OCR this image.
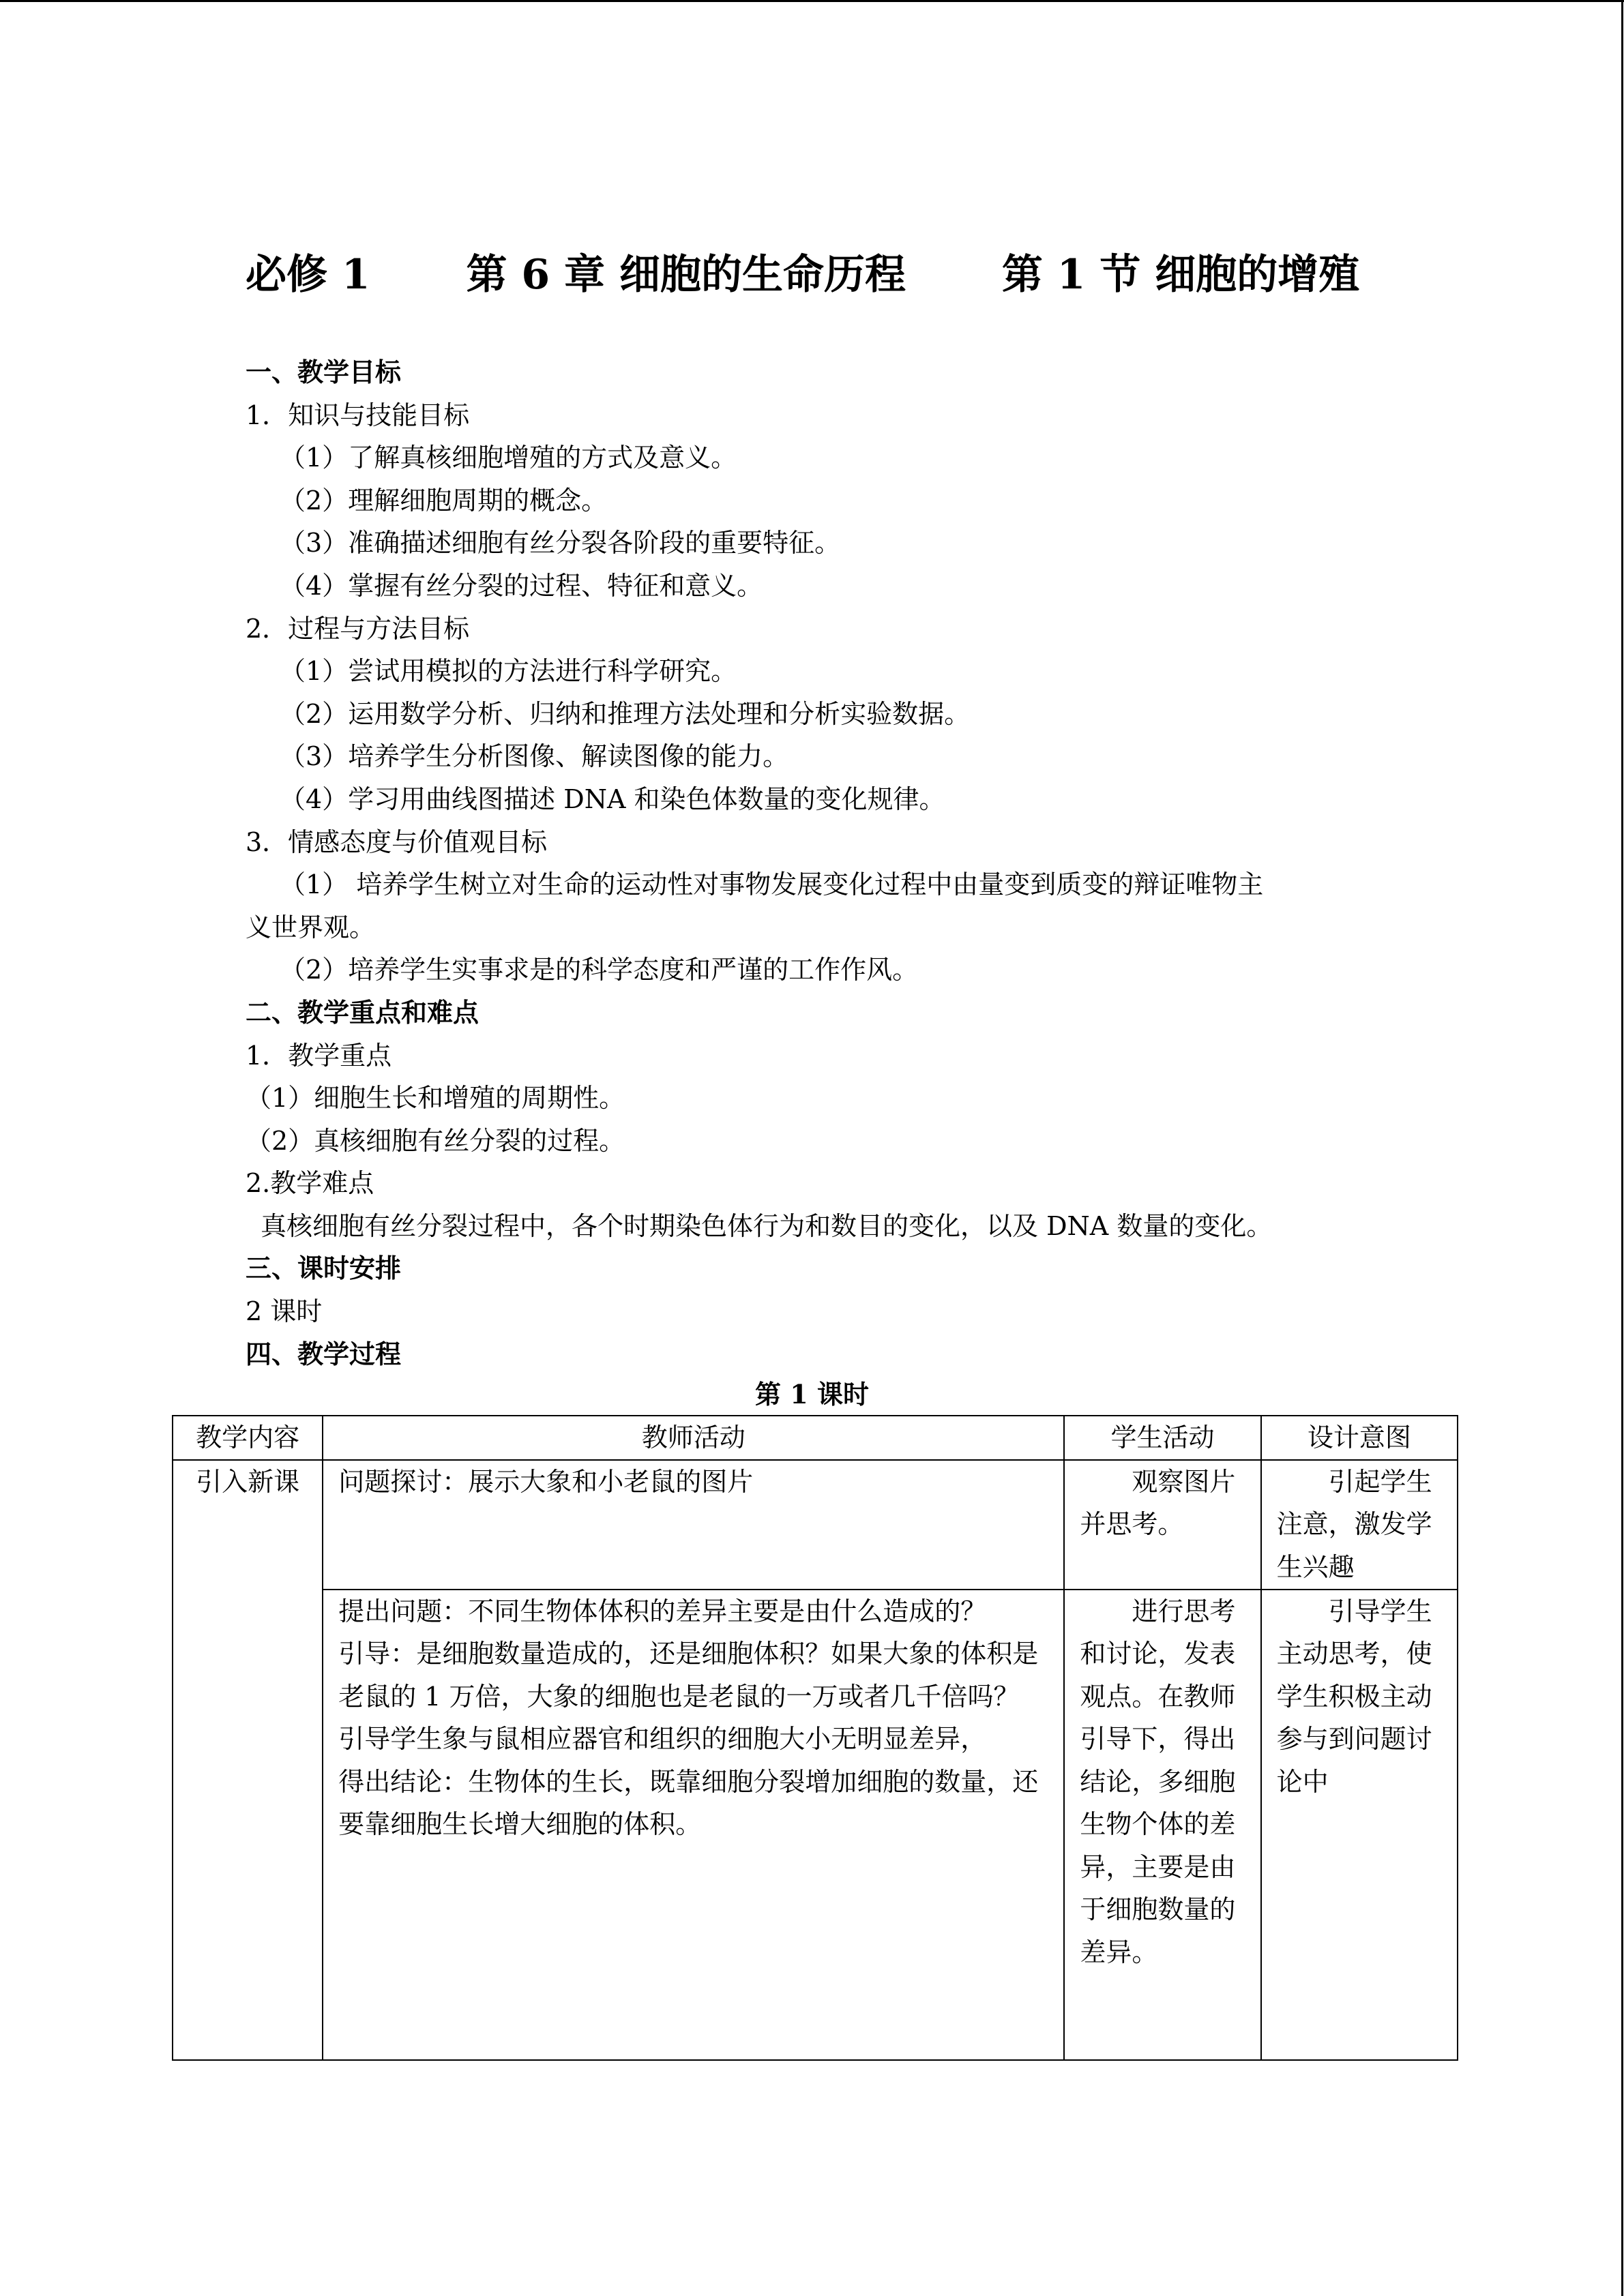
必修 1 第 6 章 细胞的生命历程 第 1 节 细胞的增殖
一、教学目标
1．知识与技能目标
（1）了解真核细胞增殖的方式及意义。
（2）理解细胞周期的概念。
（3）准确描述细胞有丝分裂各阶段的重要特征。
（4）掌握有丝分裂的过程、特征和意义。
2．过程与方法目标
（1）尝试用模拟的方法进行科学研究。
（2）运用数学分析、归纳和推理方法处理和分析实验数据。
（3）培养学生分析图像、解读图像的能力。
（4）学习用曲线图描述 DNA 和染色体数量的变化规律。
3．情感态度与价值观目标
（1） 培养学生树立对生命的运动性对事物发展变化过程中由量变到质变的辩证唯物主
义世界观。
（2）培养学生实事求是的科学态度和严谨的工作作风。
二、教学重点和难点
1．教学重点
（1）细胞生长和增殖的周期性。
（2）真核细胞有丝分裂的过程。
2.教学难点
真核细胞有丝分裂过程中，各个时期染色体行为和数目的变化，以及 DNA 数量的变化。
三、课时安排
2 课时
四、教学过程
第 1 课时
教学内容	教师活动	学生活动	设计意图
引入新课	问题探讨：展示大象和小老鼠的图片	观察图片并思考。	引起学生注意，激发学生兴趣

	提出问题：不同生物体体积的差异主要是由什么造成的？
引导：是细胞数量造成的，还是细胞体积？如果大象的体积是老鼠的 1 万倍，大象的细胞也是老鼠的一万或者几千倍吗？
引导学生象与鼠相应器官和组织的细胞大小无明显差异，
得出结论：生物体的生长，既靠细胞分裂增加细胞的数量，还要靠细胞生长增大细胞的体积。	进行思考和讨论，发表观点。在教师引导下，得出结论，多细胞生物个体的差异，主要是由于细胞数量的差异。	引导学生主动思考，使学生积极主动参与到问题讨论中
